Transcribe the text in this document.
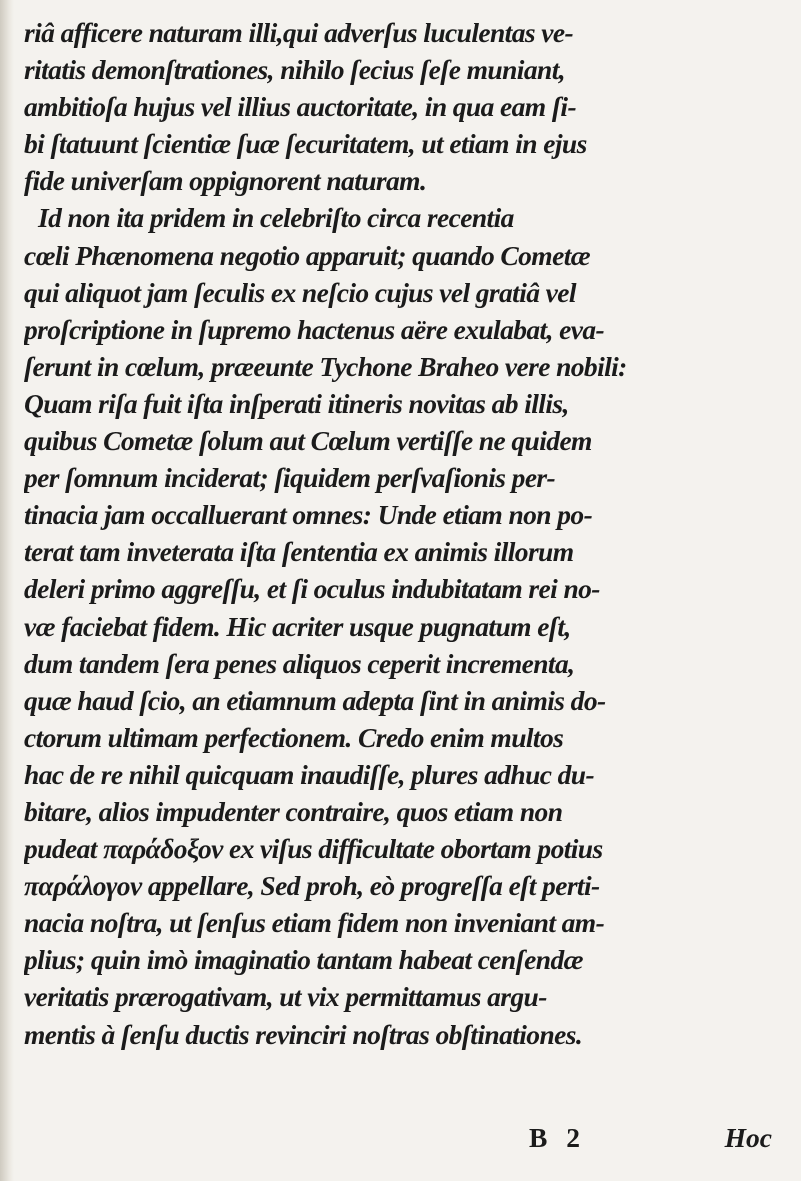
riâ afficere naturam illi,qui adverſus luculentas ve-
ritatis demonſtrationes, nihilo ſecius ſeſe muniant,
ambitioſa hujus vel illius auctoritate, in qua eam ſi-
bi ſtatuunt ſcientiæ ſuæ ſecuritatem, ut etiam in ejus
fide univerſam oppignorent naturam.
Id non ita pridem in celebriſto circa recentia
cœli Phænomena negotio apparuit; quando Cometæ
qui aliquot jam ſeculis ex neſcio cujus vel gratiâ vel
proſcriptione in ſupremo hactenus aëre exulabat, eva-
ſerunt in cœlum, præeunte Tychone Braheo vere nobili:
Quam riſa fuit iſta inſperati itineris novitas ab illis,
quibus Cometæ ſolum aut Cœlum vertiſſe ne quidem
per ſomnum inciderat; ſiquidem perſvaſionis per-
tinacia jam occalluerant omnes: Unde etiam non po-
terat tam inveterata iſta ſententia ex animis illorum
deleri primo aggreſſu, et ſi oculus indubitatam rei no-
væ faciebat fidem. Hic acriter usque pugnatum eſt,
dum tandem ſera penes aliquos ceperit incrementa,
quæ haud ſcio, an etiamnum adepta ſint in animis do-
ctorum ultimam perfectionem. Credo enim multos
hac de re nihil quicquam inaudiſſe, plures adhuc du-
bitare, alios impudenter contraire, quos etiam non
pudeat παράδοξον ex viſus difficultate obortam potius
παράλογον appellare, Sed proh, eò progreſſa eſt perti-
nacia noſtra, ut ſenſus etiam fidem non inveniant am-
plius; quin imò imaginatio tantam habeat cenſendæ
veritatis prærogativam, ut vix permittamus argu-
mentis à ſenſu ductis revinciri noſtras obſtinationes.
B 2	Hoc
